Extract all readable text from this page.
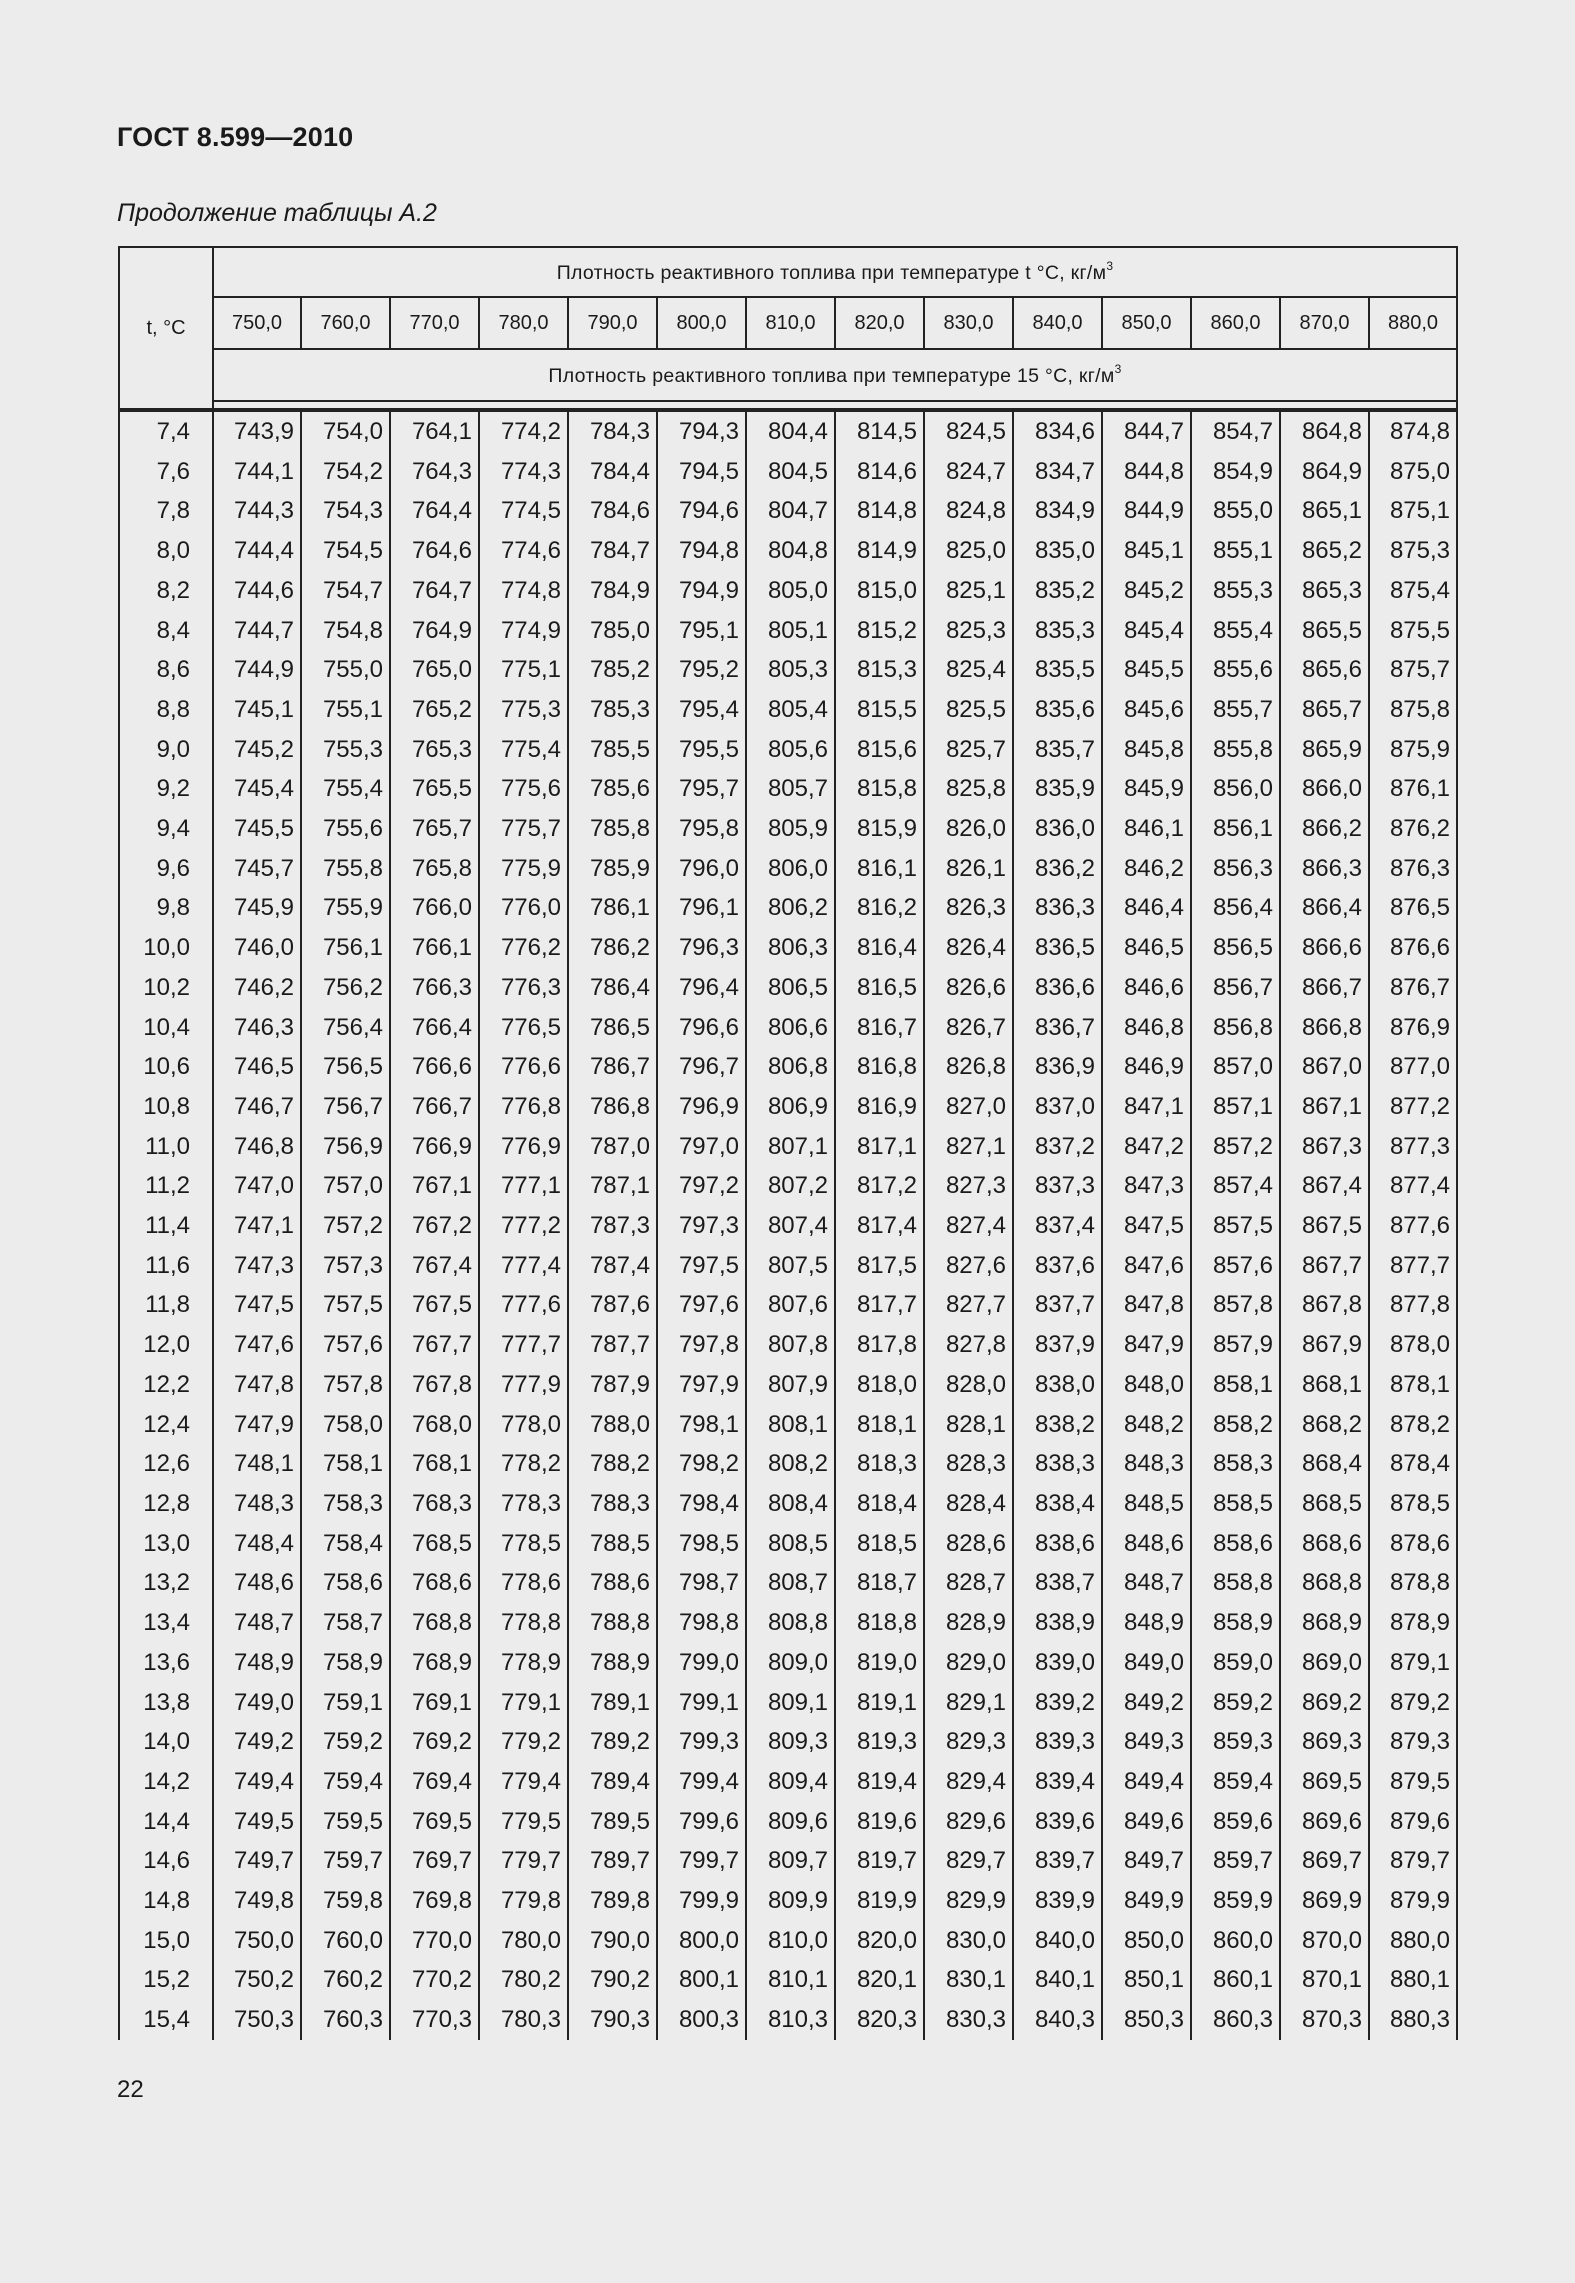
ГОСТ 8.599—2010
Продолжение таблицы А.2
t, °C	Плотность реактивного топлива при температуре t °C, $кг/м^3$
	750,0	760,0	770,0	780,0	790,0	800,0	810,0	820,0	830,0	840,0	850,0	860,0	870,0	880,0
	Плотность реактивного топлива при температуре 15 °C, $кг/м^3$

7,4	743,9	754,0	764,1	774,2	784,3	794,3	804,4	814,5	824,5	834,6	844,7	854,7	864,8	874,8
7,6	744,1	754,2	764,3	774,3	784,4	794,5	804,5	814,6	824,7	834,7	844,8	854,9	864,9	875,0
7,8	744,3	754,3	764,4	774,5	784,6	794,6	804,7	814,8	824,8	834,9	844,9	855,0	865,1	875,1
8,0	744,4	754,5	764,6	774,6	784,7	794,8	804,8	814,9	825,0	835,0	845,1	855,1	865,2	875,3
8,2	744,6	754,7	764,7	774,8	784,9	794,9	805,0	815,0	825,1	835,2	845,2	855,3	865,3	875,4
8,4	744,7	754,8	764,9	774,9	785,0	795,1	805,1	815,2	825,3	835,3	845,4	855,4	865,5	875,5
8,6	744,9	755,0	765,0	775,1	785,2	795,2	805,3	815,3	825,4	835,5	845,5	855,6	865,6	875,7
8,8	745,1	755,1	765,2	775,3	785,3	795,4	805,4	815,5	825,5	835,6	845,6	855,7	865,7	875,8
9,0	745,2	755,3	765,3	775,4	785,5	795,5	805,6	815,6	825,7	835,7	845,8	855,8	865,9	875,9
9,2	745,4	755,4	765,5	775,6	785,6	795,7	805,7	815,8	825,8	835,9	845,9	856,0	866,0	876,1
9,4	745,5	755,6	765,7	775,7	785,8	795,8	805,9	815,9	826,0	836,0	846,1	856,1	866,2	876,2
9,6	745,7	755,8	765,8	775,9	785,9	796,0	806,0	816,1	826,1	836,2	846,2	856,3	866,3	876,3
9,8	745,9	755,9	766,0	776,0	786,1	796,1	806,2	816,2	826,3	836,3	846,4	856,4	866,4	876,5
10,0	746,0	756,1	766,1	776,2	786,2	796,3	806,3	816,4	826,4	836,5	846,5	856,5	866,6	876,6
10,2	746,2	756,2	766,3	776,3	786,4	796,4	806,5	816,5	826,6	836,6	846,6	856,7	866,7	876,7
10,4	746,3	756,4	766,4	776,5	786,5	796,6	806,6	816,7	826,7	836,7	846,8	856,8	866,8	876,9
10,6	746,5	756,5	766,6	776,6	786,7	796,7	806,8	816,8	826,8	836,9	846,9	857,0	867,0	877,0
10,8	746,7	756,7	766,7	776,8	786,8	796,9	806,9	816,9	827,0	837,0	847,1	857,1	867,1	877,2
11,0	746,8	756,9	766,9	776,9	787,0	797,0	807,1	817,1	827,1	837,2	847,2	857,2	867,3	877,3
11,2	747,0	757,0	767,1	777,1	787,1	797,2	807,2	817,2	827,3	837,3	847,3	857,4	867,4	877,4
11,4	747,1	757,2	767,2	777,2	787,3	797,3	807,4	817,4	827,4	837,4	847,5	857,5	867,5	877,6
11,6	747,3	757,3	767,4	777,4	787,4	797,5	807,5	817,5	827,6	837,6	847,6	857,6	867,7	877,7
11,8	747,5	757,5	767,5	777,6	787,6	797,6	807,6	817,7	827,7	837,7	847,8	857,8	867,8	877,8
12,0	747,6	757,6	767,7	777,7	787,7	797,8	807,8	817,8	827,8	837,9	847,9	857,9	867,9	878,0
12,2	747,8	757,8	767,8	777,9	787,9	797,9	807,9	818,0	828,0	838,0	848,0	858,1	868,1	878,1
12,4	747,9	758,0	768,0	778,0	788,0	798,1	808,1	818,1	828,1	838,2	848,2	858,2	868,2	878,2
12,6	748,1	758,1	768,1	778,2	788,2	798,2	808,2	818,3	828,3	838,3	848,3	858,3	868,4	878,4
12,8	748,3	758,3	768,3	778,3	788,3	798,4	808,4	818,4	828,4	838,4	848,5	858,5	868,5	878,5
13,0	748,4	758,4	768,5	778,5	788,5	798,5	808,5	818,5	828,6	838,6	848,6	858,6	868,6	878,6
13,2	748,6	758,6	768,6	778,6	788,6	798,7	808,7	818,7	828,7	838,7	848,7	858,8	868,8	878,8
13,4	748,7	758,7	768,8	778,8	788,8	798,8	808,8	818,8	828,9	838,9	848,9	858,9	868,9	878,9
13,6	748,9	758,9	768,9	778,9	788,9	799,0	809,0	819,0	829,0	839,0	849,0	859,0	869,0	879,1
13,8	749,0	759,1	769,1	779,1	789,1	799,1	809,1	819,1	829,1	839,2	849,2	859,2	869,2	879,2
14,0	749,2	759,2	769,2	779,2	789,2	799,3	809,3	819,3	829,3	839,3	849,3	859,3	869,3	879,3
14,2	749,4	759,4	769,4	779,4	789,4	799,4	809,4	819,4	829,4	839,4	849,4	859,4	869,5	879,5
14,4	749,5	759,5	769,5	779,5	789,5	799,6	809,6	819,6	829,6	839,6	849,6	859,6	869,6	879,6
14,6	749,7	759,7	769,7	779,7	789,7	799,7	809,7	819,7	829,7	839,7	849,7	859,7	869,7	879,7
14,8	749,8	759,8	769,8	779,8	789,8	799,9	809,9	819,9	829,9	839,9	849,9	859,9	869,9	879,9
15,0	750,0	760,0	770,0	780,0	790,0	800,0	810,0	820,0	830,0	840,0	850,0	860,0	870,0	880,0
15,2	750,2	760,2	770,2	780,2	790,2	800,1	810,1	820,1	830,1	840,1	850,1	860,1	870,1	880,1
15,4	750,3	760,3	770,3	780,3	790,3	800,3	810,3	820,3	830,3	840,3	850,3	860,3	870,3	880,3
22
